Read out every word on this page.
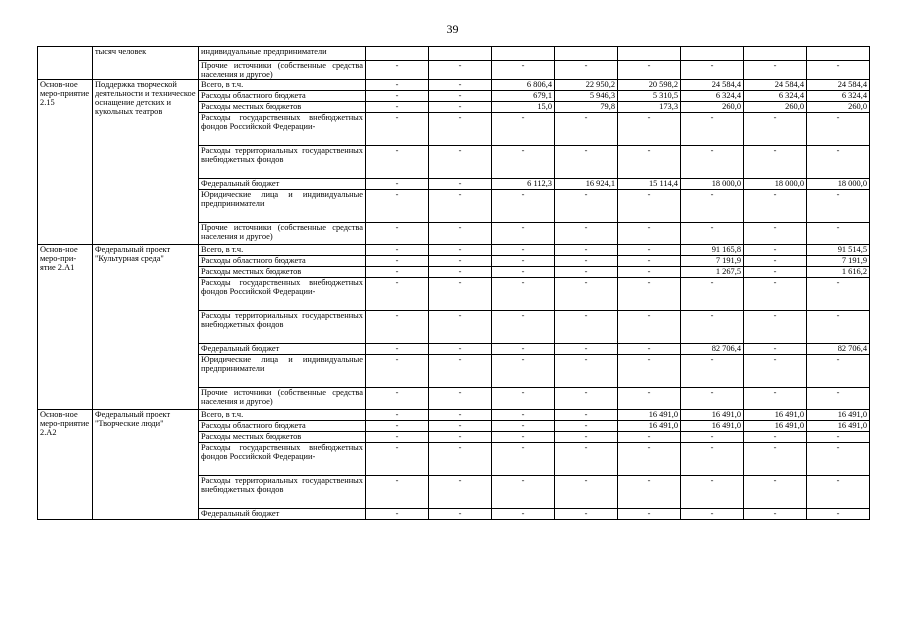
39
	тысяч человек	индивидуальные предприниматели								
		Прочие источники (собственные средства населения и другое)	-	-	-	-	-	-	-	-
Основ-ное меро-приятие 2.15	Поддержка творческой деятельности и техническое оснащение детских и кукольных театров	Всего, в т.ч.	-	-	6 806,4	22 950,2	20 598,2	24 584,4	24 584,4	24 584,4
		Расходы областного бюджета	-	-	679,1	5 946,3	5 310,5	6 324,4	6 324,4	6 324,4
		Расходы местных бюджетов	-	-	15,0	79,8	173,3	260,0	260,0	260,0
		Расходы государственных внебюджетных фондов Российской Федерации-	-	-	-	-	-	-	-	-
		Расходы территориальных государственных внебюджетных фондов	-	-	-	-	-	-	-	-
		Федеральный бюджет	-	-	6 112,3	16 924,1	15 114,4	18 000,0	18 000,0	18 000,0
		Юридические лица и индивидуальные предприниматели	-	-	-	-	-	-	-	-
		Прочие источники (собственные средства населения и другое)	-	-	-	-	-	-	-	-
Основ-ное меро-при-ятие 2.А1	Федеральный проект "Культурная среда"	Всего, в т.ч.	-	-	-	-	-	91 165,8	-	91 514,5
		Расходы областного бюджета	-	-	-	-	-	7 191,9	-	7 191,9
		Расходы местных бюджетов	-	-	-	-	-	1 267,5	-	1 616,2
		Расходы государственных внебюджетных фондов Российской Федерации-	-	-	-	-	-	-	-	-
		Расходы территориальных государственных внебюджетных фондов	-	-	-	-	-	-	-	-
		Федеральный бюджет	-	-	-	-	-	82 706,4	-	82 706,4
		Юридические лица и индивидуальные предприниматели	-	-	-	-	-	-	-	-
		Прочие источники (собственные средства населения и другое)	-	-	-	-	-	-	-	-
Основ-ное меро-приятие 2.А2	Федеральный проект "Творческие люди"	Всего, в т.ч.	-	-	-	-	16 491,0	16 491,0	16 491,0	16 491,0
		Расходы областного бюджета	-	-	-	-	16 491,0	16 491,0	16 491,0	16 491,0
		Расходы местных бюджетов	-	-	-	-	-	-	-	-
		Расходы государственных внебюджетных фондов Российской Федерации-	-	-	-	-	-	-	-	-
		Расходы территориальных государственных внебюджетных фондов	-	-	-	-	-	-	-	-
		Федеральный бюджет	-	-	-	-	-	-	-	-
